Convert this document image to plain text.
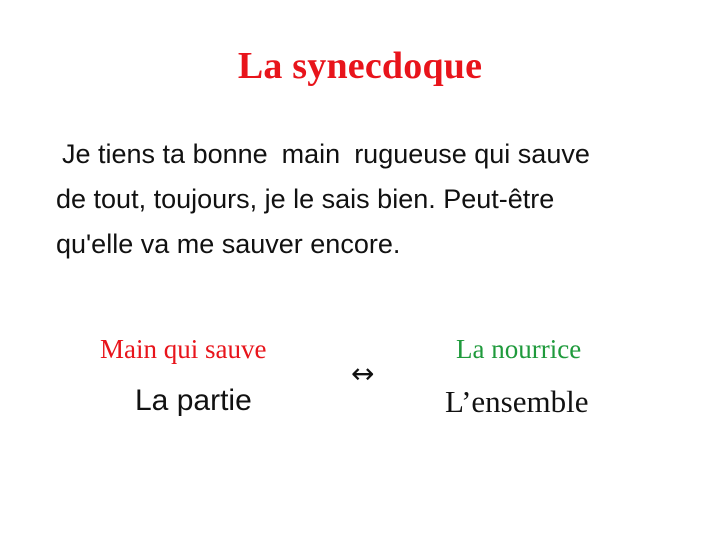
La synecdoque
Je tiens ta bonne main rugueuse qui sauve
de tout, toujours, je le sais bien. Peut-être
qu'elle va me sauver encore.
Main qui sauve
La partie
↔
La nourrice
L’ensemble
